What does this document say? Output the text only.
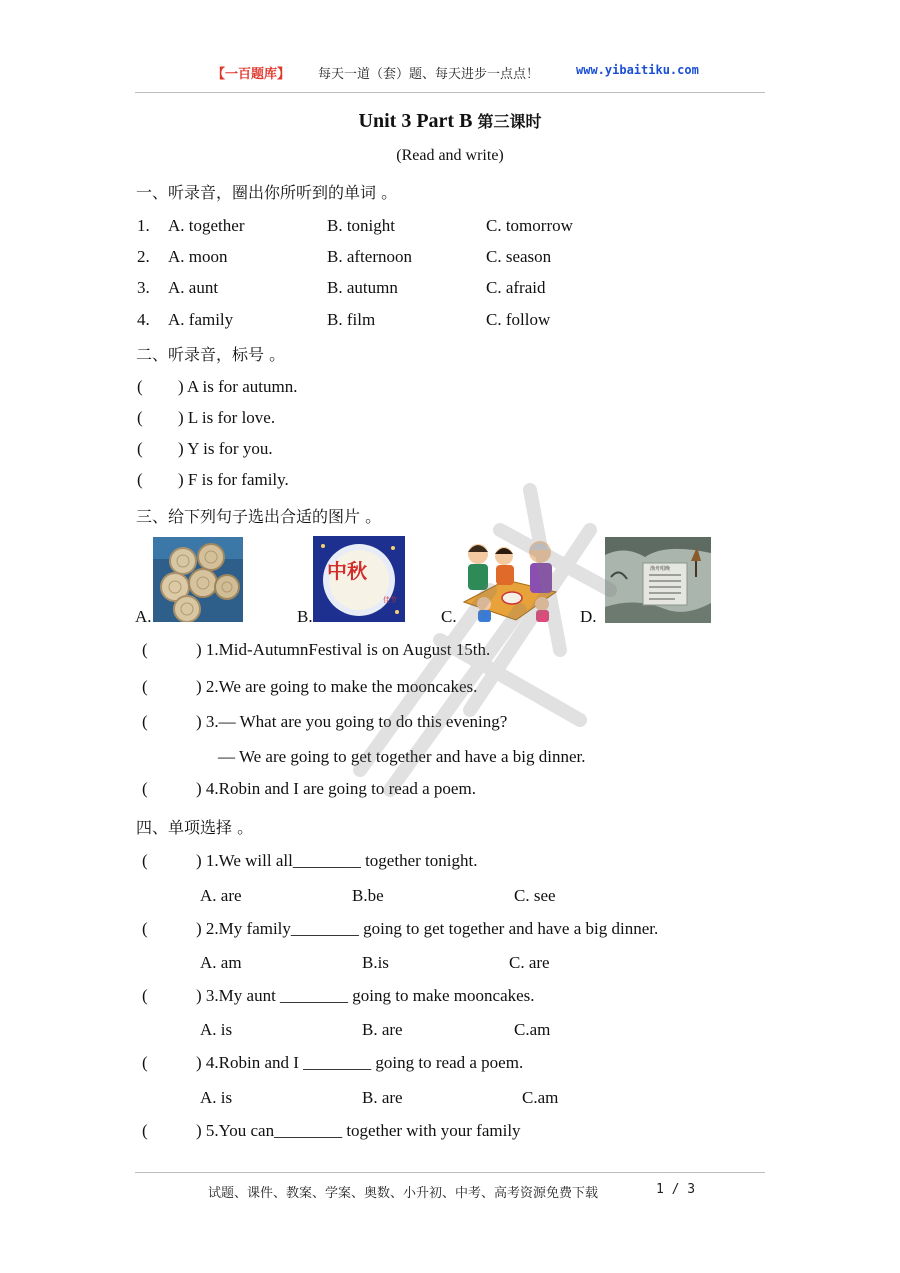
【一百题库】 每天一道（套）题、每天进步一点点！	www.yibaitiku.com
Unit 3 Part B 第三课时
(Read and write)
一、听录音，圈出你所听到的单词 。
1. A. together	B. tonight	C. tomorrow
2. A. moon	B. afternoon	C. season
3. A. aunt	B. autumn	C. afraid
4. A. family	B. film	C. follow
二、听录音，标号 。
( ) A is for autumn.
( ) L is for love.
( ) Y is for you.
( ) F is for family.
三、给下列句子选出合适的图片 。
A.
中秋
佳节
B.	C.
渔舟唱晚
D.
(	) 1.Mid-AutumnFestival is on August 15th.
(	) 2.We are going to make the mooncakes.
(	) 3.— What are you going to do this evening?
— We are going to get together and have a big dinner.
(	) 4.Robin and I are going to read a poem.
四、单项选择 。
(	) 1.We will all________ together tonight.
A. are	B.be	C. see
(	) 2.My family________ going to get together and have a big dinner.
A. am	B.is	C. are
(	) 3.My aunt ________ going to make mooncakes.
A. is	B. are	C.am
(	) 4.Robin and I ________ going to read a poem.
A. is	B. are	C.am
(	) 5.You can________ together with your family
试题、课件、教案、学案、奥数、小升初、中考、高考资源免费下载	1 / 3
